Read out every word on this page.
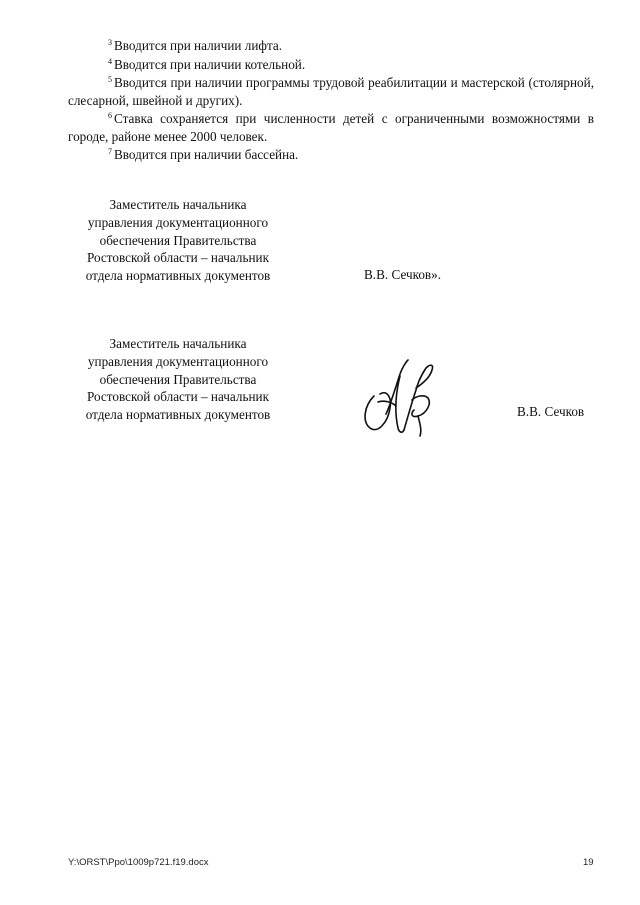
$^3$ Вводится при наличии лифта.
$^4$ Вводится при наличии котельной.
$^5$ Вводится при наличии программы трудовой реабилитации и мастерской (столярной, слесарной, швейной и других).
$^6$ Ставка сохраняется при численности детей с ограниченными возможностями в городе, районе менее 2000 человек.
$^7$ Вводится при наличии бассейна.
Заместитель начальника
управления документационного
обеспечения Правительства
Ростовской области – начальник
отдела нормативных документов	В.В. Сечков».
Заместитель начальника
управления документационного
обеспечения Правительства
Ростовской области – начальник
отдела нормативных документов	В.В. Сечков
Y:\ORST\Ppo\1009p721.f19.docx	19
